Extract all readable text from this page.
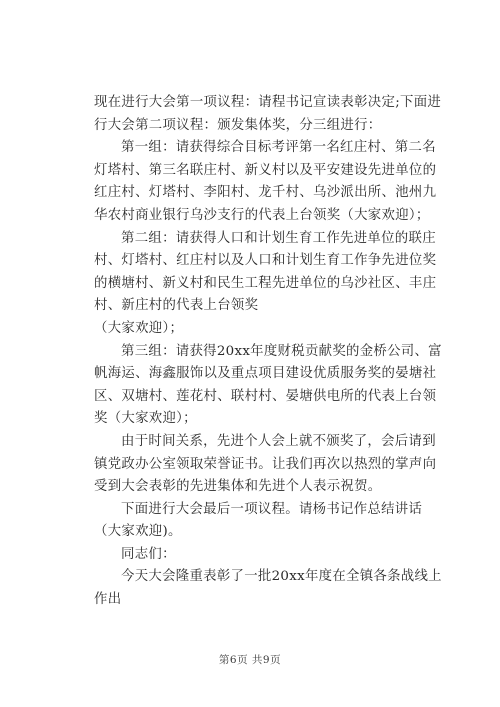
现在进行大会第一项议程：请程书记宣读表彰决定;下面进行大会第二项议程：颁发集体奖，分三组进行：

第一组：请获得综合目标考评第一名红庄村、第二名灯塔村、第三名联庄村、新义村以及平安建设先进单位的红庄村、灯塔村、李阳村、龙千村、乌沙派出所、池州九华农村商业银行乌沙支行的代表上台领奖（大家欢迎）；

第二组：请获得人口和计划生育工作先进单位的联庄村、灯塔村、红庄村以及人口和计划生育工作争先进位奖的横塘村、新义村和民生工程先进单位的乌沙社区、丰庄村、新庄村的代表上台领奖

（大家欢迎）；

第三组：请获得20xx年度财税贡献奖的金桥公司、富帆海运、海鑫服饰以及重点项目建设优质服务奖的晏塘社区、双塘村、莲花村、联村村、晏塘供电所的代表上台领奖（大家欢迎）；

由于时间关系，先进个人会上就不颁奖了，会后请到镇党政办公室领取荣誉证书。让我们再次以热烈的掌声向受到大会表彰的先进集体和先进个人表示祝贺。

下面进行大会最后一项议程。请杨书记作总结讲话（大家欢迎)。

同志们：

今天大会隆重表彰了一批20xx年度在全镇各条战线上作出

第6页 共9页
